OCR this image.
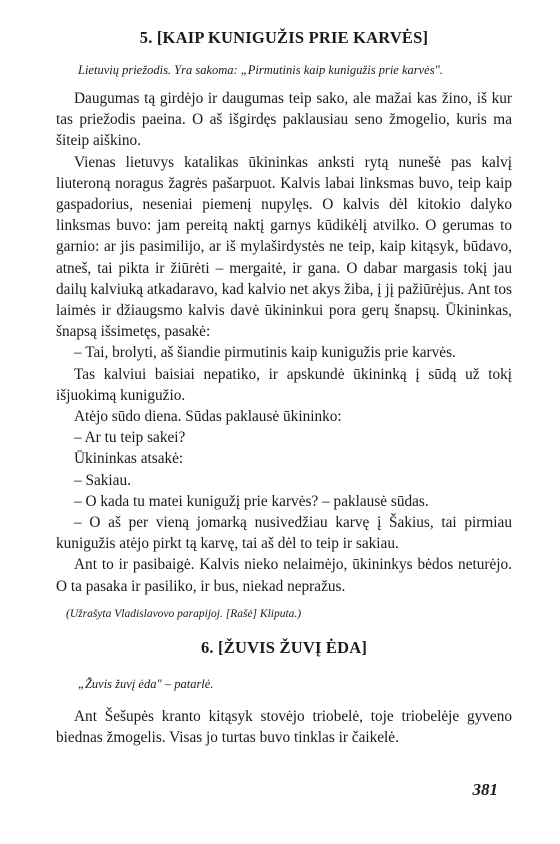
5. [KAIP KUNIGUŽIS PRIE KARVĖS]
Lietuvių priežodis. Yra sakoma: „Pirmutinis kaip kunigužis prie karvės".

Daugumas tą girdėjo ir daugumas teip sako, ale mažai kas žino, iš kur tas priežodis paeina. O aš išgirdęs paklausiau seno žmogelio, kuris ma šiteip aiškino.

Vienas lietuvys katalikas ūkininkas anksti rytą nunešė pas kalvį liuteroną noragus žagrės pašarpuot. Kalvis labai linksmas buvo, teip kaip gaspadorius, neseniai piemenį nupylęs. O kalvis dėl kitokio dalyko linksmas buvo: jam pereitą naktį garnys kūdikėlį atvilko. O gerumas to garnio: ar jis pasimilijo, ar iš mylaširdystės ne teip, kaip kitąsyk, būdavo, atneš, tai pikta ir žiūrėti – mergaitė, ir gana. O dabar margasis tokį jau dailų kalviuką atkadaravo, kad kalvio net akys žiba, į jį pažiūrėjus. Ant tos laimės ir džiaugsmo kalvis davė ūkininkui pora gerų šnapsų. Ūkininkas, šnapsą išsimetęs, pasakė:

– Tai, brolyti, aš šiandie pirmutinis kaip kunigužis prie karvės.

Tas kalviui baisiai nepatiko, ir apskundė ūkininką į sūdą už tokį išjuokimą kunigužio.

Atėjo sūdo diena. Sūdas paklausė ūkininko:

– Ar tu teip sakei?

Ūkininkas atsakė:

– Sakiau.

– O kada tu matei kunigužį prie karvės? – paklausė sūdas.

– O aš per vieną jomarką nusivedžiau karvę į Šakius, tai pirmiau kunigužis atėjo pirkt tą karvę, tai aš dėl to teip ir sakiau.

Ant to ir pasibaigė. Kalvis nieko nelaimėjo, ūkininkys bėdos neturėjo. O ta pasaka ir pasiliko, ir bus, niekad nepražus.

(Užrašyta Vladislavovo parapijoj. [Rašė] Kliputa.)
6. [ŽUVIS ŽUVĮ ĖDA]
„Žuvis žuvį ėda" – patarlė.

Ant Šešupės kranto kitąsyk stovėjo triobelė, toje triobelėje gyveno biednas žmogelis. Visas jo turtas buvo tinklas ir čaikelė.

381
